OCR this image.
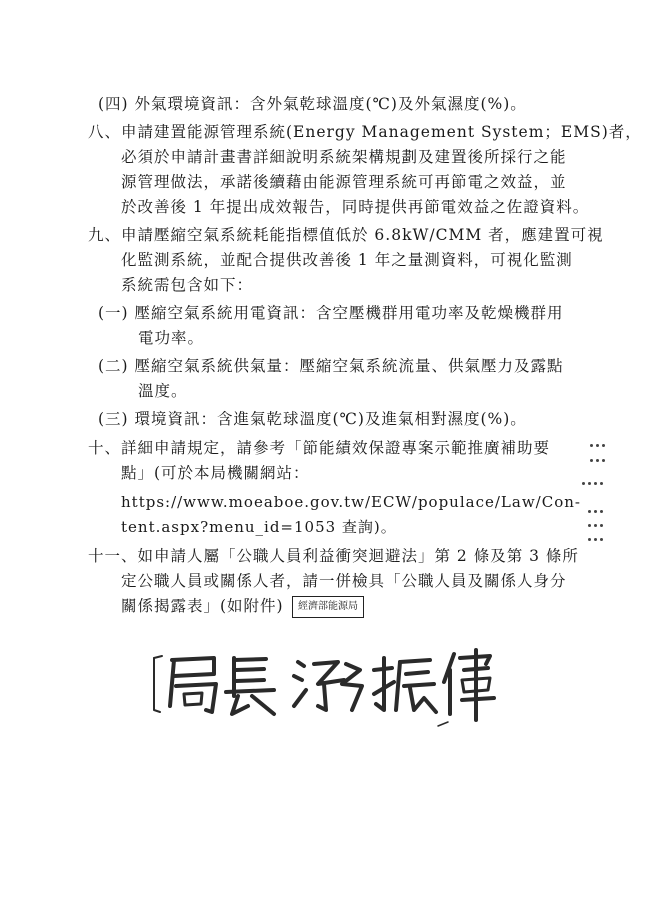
(四) 外氣環境資訊：含外氣乾球溫度(℃)及外氣濕度(%)。
八、申請建置能源管理系統(Energy Management System；EMS)者，
必須於申請計畫書詳細說明系統架構規劃及建置後所採行之能
源管理做法，承諾後續藉由能源管理系統可再節電之效益，並
於改善後 1 年提出成效報告，同時提供再節電效益之佐證資料。
九、申請壓縮空氣系統耗能指標值低於 6.8kW/CMM 者，應建置可視
化監測系統，並配合提供改善後 1 年之量測資料，可視化監測
系統需包含如下：
(一) 壓縮空氣系統用電資訊：含空壓機群用電功率及乾燥機群用
電功率。
(二) 壓縮空氣系統供氣量：壓縮空氣系統流量、供氣壓力及露點
溫度。
(三) 環境資訊：含進氣乾球溫度(℃)及進氣相對濕度(%)。
十、詳細申請規定，請參考「節能績效保證專案示範推廣補助要
點」(可於本局機關網站：
https://www.moeaboe.gov.tw/ECW/populace/Law/Con-
tent.aspx?menu_id=1053 查詢)。
十一、如申請人屬「公職人員利益衝突迴避法」第 2 條及第 3 條所
定公職人員或關係人者，請一併檢具「公職人員及關係人身分
關係揭露表」(如附件)	經濟部能源局
